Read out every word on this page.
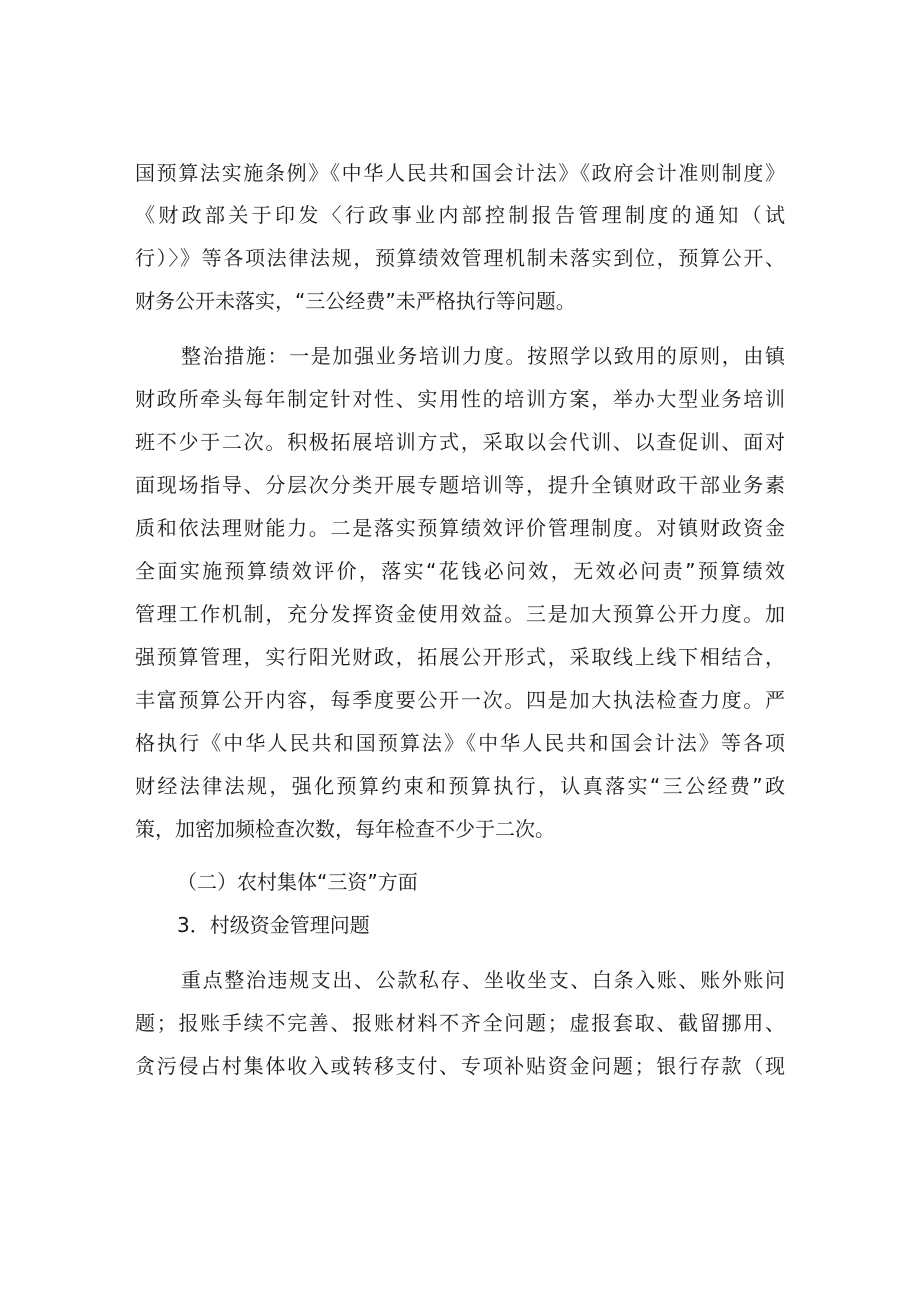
国预算法实施条例》《中华人民共和国会计法》《政府会计准则制度》
《财政部关于印发〈行政事业内部控制报告管理制度的通知（试
行）〉》等各项法律法规，预算绩效管理机制未落实到位，预算公开、
财务公开未落实，“三公经费”未严格执行等问题。
整治措施：一是加强业务培训力度。按照学以致用的原则，由镇
财政所牵头每年制定针对性、实用性的培训方案，举办大型业务培训
班不少于二次。积极拓展培训方式，采取以会代训、以查促训、面对
面现场指导、分层次分类开展专题培训等，提升全镇财政干部业务素
质和依法理财能力。二是落实预算绩效评价管理制度。对镇财政资金
全面实施预算绩效评价，落实“花钱必问效，无效必问责”预算绩效
管理工作机制，充分发挥资金使用效益。三是加大预算公开力度。加
强预算管理，实行阳光财政，拓展公开形式，采取线上线下相结合，
丰富预算公开内容，每季度要公开一次。四是加大执法检查力度。严
格执行《中华人民共和国预算法》《中华人民共和国会计法》等各项
财经法律法规，强化预算约束和预算执行，认真落实“三公经费”政
策，加密加频检查次数，每年检查不少于二次。
（二）农村集体“三资”方面
3．村级资金管理问题
重点整治违规支出、公款私存、坐收坐支、白条入账、账外账问
题；报账手续不完善、报账材料不齐全问题；虚报套取、截留挪用、
贪污侵占村集体收入或转移支付、专项补贴资金问题；银行存款（现
